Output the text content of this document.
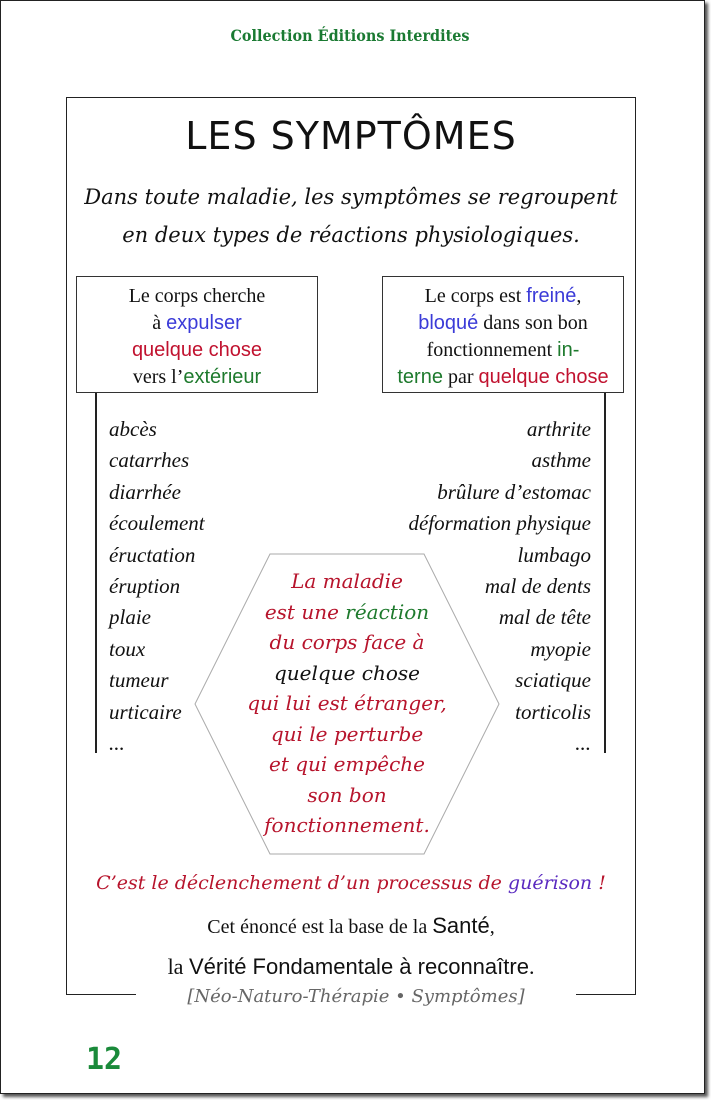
Collection Éditions Interdites
LES SYMPTÔMES
Dans toute maladie, les symptômes se regroupent
en deux types de réactions physiologiques.
Le corps cherche
à expulser
quelque chose
vers l’extérieur
Le corps est freiné,
bloqué dans son bon
fonctionnement in-
terne par quelque chose
abcès
catarrhes
diarrhée
écoulement
éructation
éruption
plaie
toux
tumeur
urticaire
...
arthrite
asthme
brûlure d’estomac
déformation physique
lumbago
mal de dents
mal de tête
myopie
sciatique
torticolis
...
La maladie
est une réaction
du corps face à
quelque chose
qui lui est étranger,
qui le perturbe
et qui empêche
son bon
fonctionnement.
C’est le déclenchement d’un processus de guérison !
Cet énoncé est la base de la Santé,
la Vérité Fondamentale à reconnaître.
[Néo-Naturo-Thérapie • Symptômes]
12
